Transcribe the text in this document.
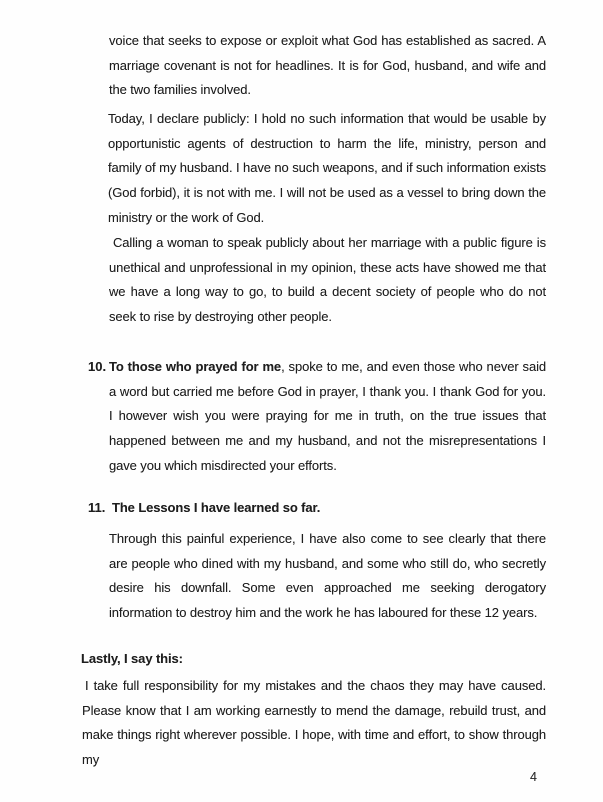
voice that seeks to expose or exploit what God has established as sacred. A marriage covenant is not for headlines. It is for God, husband, and wife and the two families involved.

Today, I declare publicly: I hold no such information that would be usable by opportunistic agents of destruction to harm the life, ministry, person and family of my husband. I have no such weapons, and if such information exists (God forbid), it is not with me. I will not be used as a vessel to bring down the ministry or the work of God.

Calling a woman to speak publicly about her marriage with a public figure is unethical and unprofessional in my opinion, these acts have showed me that we have a long way to go, to build a decent society of people who do not seek to rise by destroying other people.

10. To those who prayed for me, spoke to me, and even those who never said a word but carried me before God in prayer, I thank you. I thank God for you. I however wish you were praying for me in truth, on the true issues that happened between me and my husband, and not the misrepresentations I gave you which misdirected your efforts.

11. The Lessons I have learned so far.

Through this painful experience, I have also come to see clearly that there are people who dined with my husband, and some who still do, who secretly desire his downfall. Some even approached me seeking derogatory information to destroy him and the work he has laboured for these 12 years.

Lastly, I say this:

I take full responsibility for my mistakes and the chaos they may have caused. Please know that I am working earnestly to mend the damage, rebuild trust, and make things right wherever possible. I hope, with time and effort, to show through my

4
